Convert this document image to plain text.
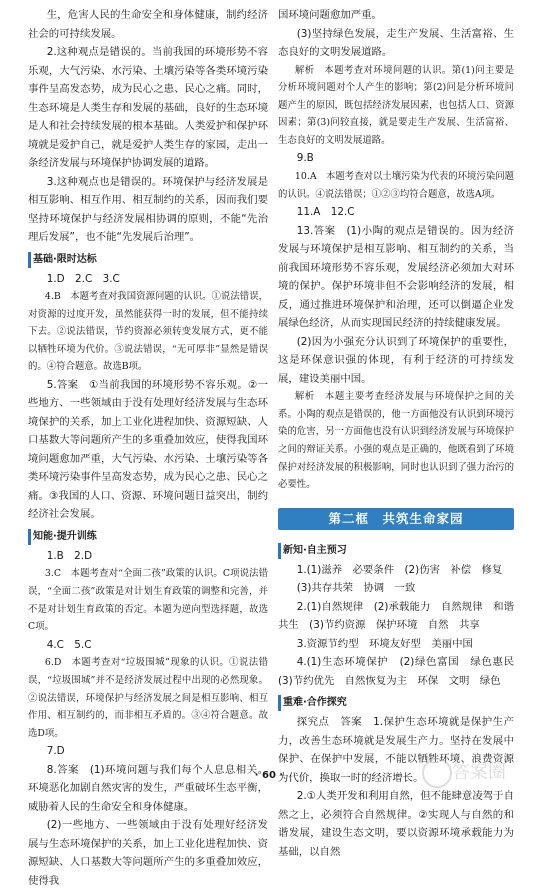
生，危害人民的生命安全和身体健康，制约经济社会的可持续发展。

2.这种观点是错误的。当前我国的环境形势不容乐观，大气污染、水污染、土壤污染等各类环境污染事件呈高发态势，成为民心之患、民心之痛。同时，生态环境是人类生存和发展的基础，良好的生态环境是人和社会持续发展的根本基础。人类爱护和保护环境就是爱护自己，就是爱护人类生存的家园，走出一条经济发展与环境保护协调发展的道路。

3.这种观点也是错误的。环境保护与经济发展是相互影响、相互作用、相互制约的关系，因而我们要坚持环境保护与经济发展相协调的原则，不能“先治理后发展”，也不能“先发展后治理”。

基础·限时达标

1.D　2.C　3.C

4.B　本题考查对我国资源问题的认识。①说法错误，对资源的过度开发，虽然能获得一时的发展，但不能持续下去。②说法错误，节约资源必须转变发展方式，更不能以牺牲环境为代价。③说法错误，“无可厚非”显然是错误的。④符合题意。故选B项。

5.答案　①当前我国的环境形势不容乐观。②一些地方、一些领域由于没有处理好经济发展与生态环境保护的关系，加上工业化进程加快、资源短缺、人口基数大等问题所产生的多重叠加效应，使得我国环境问题愈加严重，大气污染、水污染、土壤污染等各类环境污染事件呈高发态势，成为民心之患、民心之痛。③我国的人口、资源、环境问题日益突出，制约经济社会发展。

知能·提升训练

1.B　2.D

3.C　本题考查对“全面二孩”政策的认识。C项说法错误，“全面二孩”政策是对计划生育政策的调整和完善，并不是对计划生育政策的否定。本题为逆向型选择题，故选C项。

4.C　5.C

6.D　本题考查对“垃圾围城”现象的认识。①说法错误，“垃圾围城”并不是经济发展过程中出现的必然现象。②说法错误，环境保护与经济发展之间是相互影响、相互作用、相互制约的，而非相互矛盾的。③④符合题意。故选D项。

7.D

8.答案　(1)环境问题与我们每个人息息相关。环境恶化加剧自然灾害的发生，严重破坏生态平衡，威胁着人民的生命安全和身体健康。

(2)一些地方、一些领域由于没有处理好经济发展与生态环境保护的关系，加上工业化进程加快、资源短缺、人口基数大等问题所产生的多重叠加效应，使得我

国环境问题愈加严重。

(3)坚持绿色发展，走生产发展、生活富裕、生态良好的文明发展道路。

解析　本题考查对环境问题的认识。第(1)问主要是分析环境问题对个人产生的影响；第(2)问是分析环境问题产生的原因，既包括经济发展因素，也包括人口、资源因素；第(3)问较直接，就是要走生产发展、生活富裕、生态良好的文明发展道路。

9.B

10.A　本题考查对以土壤污染为代表的环境污染问题的认识。④说法错误；①②③均符合题意，故选A项。

11.A　12.C

13.答案　(1)小陶的观点是错误的。因为经济发展与环境保护是相互影响、相互制约的关系，当前我国环境形势不容乐观，发展经济必须加大对环境的保护。保护环境非但不会影响经济的发展，相反，通过推进环境保护和治理，还可以倒逼企业发展绿色经济，从而实现国民经济的持续健康发展。

(2)因为小强充分认识到了环境保护的重要性，这是环保意识强的体现，有利于经济的可持续发展，建设美丽中国。

解析　本题主要考查经济发展与环境保护之间的关系。小陶的观点是错误的，他一方面他没有认识到环境污染的危害，另一方面他也没有认识到经济发展与环境保护之间的辩证关系。小强的观点是正确的，他既看到了环境保护对经济发展的积极影响，同时也认识到了强力治污的必要性。

第二框　共筑生命家园
新知·自主预习

1.(1)滋养　必要条件　(2)伤害　补偿　修复

(3)共存共荣　协调　一致

2.(1)自然规律　(2)承载能力　自然规律　和谐共生　(3)节约资源　保护环境　自然　共享

3.资源节约型　环境友好型　美丽中国

4.(1)生态环境保护　(2)绿色富国　绿色惠民　(3)节约优先　自然恢复为主　环保　文明　绿色

重难·合作探究

探究点　答案　1.保护生态环境就是保护生产力，改善生态环境就是发展生产力。坚持在发展中保护、在保护中发展，不能以牺牲环境、浪费资源为代价，换取一时的经济增长。

2.①人类开发和利用自然，但不能肆意凌驾于自然之上，必须符合自然规律。②实现人与自然的和谐发展，建设生态文明，要以资源环境承载能力为基础，以自然

· 60 ·	答案圈
